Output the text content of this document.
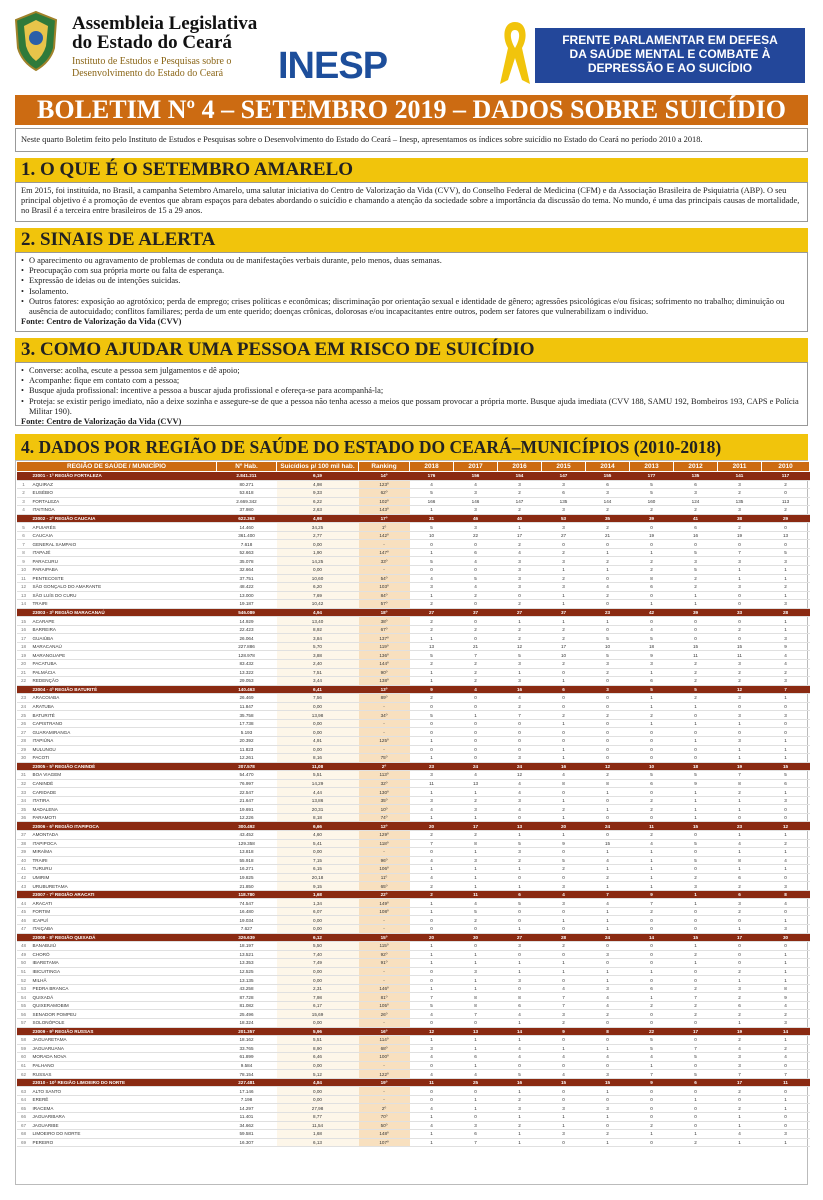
Assembleia Legislativa
do Estado do Ceará
Instituto de Estudos e Pesquisas sobre o
Desenvolvimento do Estado do Ceará INESP
FRENTE PARLAMENTAR EM DEFESA
DA SAÚDE MENTAL E COMBATE À
DEPRESSÃO E AO SUICÍDIO
BOLETIM Nº 4 – SETEMBRO 2019 – DADOS SOBRE SUICÍDIO
Neste quarto Boletim feito pelo Instituto de Estudos e Pesquisas sobre o Desenvolvimento do Estado do Ceará – Inesp, apresentamos os índices sobre suicídio no Estado do Ceará no período 2010 a 2018.
1. O QUE É O SETEMBRO AMARELO
Em 2015, foi instituída, no Brasil, a campanha Setembro Amarelo, uma salutar iniciativa do Centro de Valorização da Vida (CVV), do Conselho Federal de Medicina (CFM) e da Associação Brasileira de Psiquiatria (ABP). O seu principal objetivo é a promoção de eventos que abram espaços para debates abordando o suicídio e chamando a atenção da sociedade sobre a importância da discussão do tema. No mundo, é uma das principais causas de mortalidade, no Brasil é a terceira entre brasileiros de 15 a 29 anos.
2. SINAIS DE ALERTA
• O aparecimento ou agravamento de problemas de conduta ou de manifestações verbais durante, pelo menos, duas semanas.
• Preocupação com sua própria morte ou falta de esperança.
• Expressão de ideias ou de intenções suicidas.
• Isolamento.
• Outros fatores: exposição ao agrotóxico; perda de emprego; crises políticas e econômicas; discriminação por orientação sexual e identidade de gênero; agressões psicológicas e/ou físicas; sofrimento no trabalho; diminuição ou ausência de autocuidado; conflitos familiares; perda de um ente querido; doenças crônicas, dolorosas e/ou incapacitantes entre outros, podem ser fatores que vulnerabilizam o indivíduo.
Fonte: Centro de Valorização da Vida (CVV)
3. COMO AJUDAR UMA PESSOA EM RISCO DE SUICÍDIO
• Converse: acolha, escute a pessoa sem julgamentos e dê apoio;
• Acompanhe: fique em contato com a pessoa;
• Busque ajuda profissional: incentive a pessoa a buscar ajuda profissional e ofereça-se para acompanhá-la;
• Proteja: se existir perigo imediato, não a deixe sozinha e assegure-se de que a pessoa não tenha acesso a meios que possam provocar a própria morte. Busque ajuda imediata (CVV 188, SAMU 192, Bombeiros 193, CAPS e Polícia Militar 190).
Fonte: Centro de Valorização da Vida (CVV)
4. DADOS POR REGIÃO DE SAÚDE DO ESTADO DO CEARÁ–MUNICÍPIOS (2010-2018)
REGIÃO DE SAÚDE / MUNICÍPIO		Nº Hab.	Suicídios p/ 100 mil hab.	Ranking	2018	2017	2016	2015	2014	2013	2012	2011	2010
	23001 - 1ª REGIÃO FORTALEZA	2.841.211	6,19	14º	176	156	154	147	155	177	135	141	117
1	AQUIRAZ	80.271	4,98	123º	4	4	3	3	6	5	6	3	2
2	EUSÉBIO	53.618	9,33	62º	5	3	2	6	3	5	3	2	0
3	FORTALEZA	2.669.342	6,22	102º	166	146	147	135	144	160	124	135	113
4	ITAITINGA	37.980	2,63	143º	1	3	2	3	2	2	2	3	2
	23002 - 2ª REGIÃO CAUCAIA	622.363	4,98	17º	31	46	40	53	35	39	41	38	29
5	APUIARÉS	14.460	34,25	1º	5	3	1	3	2	0	6	2	0
6	CAUCAIA	361.400	2,77	142º	10	22	17	27	21	19	16	19	13
7	GENERAL SAMPAIO	7.618	0,00	-	0	0	2	0	0	0	0	0	0
8	ITAPAJÉ	52.663	1,90	147º	1	6	4	2	1	1	5	7	5
9	PARACURU	35.078	14,25	33º	5	4	3	3	2	2	3	3	3
10	PARAIPABA	32.664	0,00	-	0	0	3	1	1	2	5	1	1
11	PENTECOSTE	37.751	10,60	54º	4	5	3	2	0	8	2	1	1
12	SÃO GONÇALO DO AMARANTE	48.422	6,20	103º	3	4	3	3	4	6	2	3	2
13	SÃO LUÍS DO CURU	13.000	7,69	84º	1	2	0	1	2	0	1	0	1
14	TRAIRI	19.187	10,42	57º	2	0	2	1	0	1	1	0	3
	23003 - 3ª REGIÃO MARACANAÚ	546.089	4,94	18º	27	37	27	37	23	42	39	33	28
15	ACARAPE	14.929	13,40	38º	2	0	1	1	1	0	0	0	1
16	BARREIRA	22.423	8,92	67º	2	2	2	2	0	4	0	2	1
17	GUAIÚBA	26.064	3,84	137º	1	0	2	2	5	5	0	0	3
18	MARACANAÚ	227.886	5,70	119º	13	21	12	17	10	18	15	15	9
19	MARANGUAPE	128.978	3,88	136º	5	7	5	10	5	9	11	11	4
20	PACATUBA	83.432	2,40	144º	2	2	3	2	3	3	2	3	4
21	PALMÁCIA	13.322	7,51	90º	1	2	1	0	2	1	2	2	2
22	REDENÇÃO	29.053	3,44	138º	1	2	3	1	0	6	2	2	3
	23004 - 4ª REGIÃO BATURITÉ	140.463	6,41	13º	9	4	16	6	3	5	5	12	7
23	ARACOIABA	26.469	7,56	89º	2	0	4	0	0	1	2	3	1
24	ARATUBA	11.847	0,00	-	0	0	2	0	0	1	1	0	0
25	BATURITÉ	35.758	13,98	34º	5	1	7	2	2	2	0	3	3
26	CAPISTRANO	17.738	0,00	-	0	0	0	1	0	1	1	1	0
27	GUARAMIRANGA	5.193	0,00	-	0	0	0	0	0	0	0	0	0
28	ITAPIÚNA	20.392	4,91	125º	1	0	0	0	0	0	1	3	1
29	MULUNGU	11.823	0,00	-	0	0	0	1	0	0	0	1	1
30	PACOTI	12.261	8,16	75º	1	0	3	1	0	0	0	1	1
	23005 - 5ª REGIÃO CANINDÉ	207.578	11,08	2º	23	24	24	16	12	10	18	19	15
31	BOA VIAGEM	54.470	5,51	113º	3	4	12	4	2	5	5	7	5
32	CANINDÉ	76.997	14,29	32º	11	13	4	8	8	6	9	8	6
33	CARIDADE	22.547	4,44	130º	1	1	4	0	1	0	1	2	1
34	ITATIRA	21.647	13,86	35º	3	2	3	1	0	2	1	1	3
35	MADALENA	19.691	20,31	10º	4	3	4	2	1	2	1	1	0
36	PARAMOTI	12.226	8,18	74º	1	1	0	1	0	0	1	0	0
	23006 - 6ª REGIÃO ITAPIPOCA	300.492	6,66	12º	20	17	13	20	24	11	15	23	12
37	AMONTADA	43.452	4,60	129º	2	2	1	1	0	2	0	1	1
38	ITAPIPOCA	129.358	5,41	118º	7	8	5	9	15	4	5	4	2
39	MIRAÍMA	13.818	0,00	-	0	1	3	0	1	1	0	1	1
40	TRAIRI	55.918	7,15	96º	4	3	2	5	4	1	5	8	4
41	TURURU	16.271	6,15	106º	1	1	1	2	1	1	0	1	1
42	UMIRIM	19.825	20,18	11º	4	1	0	0	2	1	2	6	0
43	URUBURETAMA	21.850	9,15	65º	2	1	1	3	1	1	3	2	3
	23007 - 7ª REGIÃO ARACATI	118.780	1,68	22º	2	11	6	4	7	9	1	6	8
44	ARACATI	74.547	1,34	149º	1	4	5	3	4	7	1	3	4
45	FORTIM	16.480	6,07	108º	1	5	0	0	1	2	0	2	0
46	ICAPUÍ	19.034	0,00	-	0	2	0	1	1	0	0	0	1
47	ITAIÇABA	7.627	0,00	-	0	0	1	0	1	0	0	1	3
	23008 - 8ª REGIÃO QUIXADÁ	326.639	6,12	15º	20	30	27	28	24	14	15	17	30
48	BANABUIÚ	18.197	5,50	115º	1	0	3	2	0	0	1	0	0
49	CHORÓ	13.521	7,40	92º	1	1	0	0	3	0	2	0	1
50	IBARETAMA	13.353	7,49	91º	1	1	1	1	0	0	1	0	1
51	IBICUITINGA	12.525	0,00	-	0	3	1	1	1	1	0	2	1
52	MILHÃ	13.135	0,00	-	0	1	3	0	1	0	0	1	1
53	PEDRA BRANCA	43.258	2,31	146º	1	1	0	4	3	6	2	3	8
54	QUIXADÁ	87.728	7,98	81º	7	8	8	7	4	1	7	2	9
55	QUIXERAMOBIM	81.082	6,17	105º	5	8	6	7	4	2	2	6	4
56	SENADOR POMPEU	25.496	15,69	26º	4	7	4	3	2	0	2	2	2
57	SOLONÓPOLE	18.324	0,00	-	0	0	1	2	0	0	0	1	3
	23009 - 9ª REGIÃO RUSSAS	201.357	5,96	16º	12	13	14	9	8	22	17	19	14
58	JAGUARETAMA	18.162	5,51	114º	1	1	1	0	0	5	0	2	1
59	JAGUARUANA	33.765	8,90	68º	3	1	4	1	1	5	7	4	2
60	MORADA NOVA	61.899	6,46	100º	4	6	4	4	4	4	5	3	4
61	PALHANO	9.584	0,00	-	0	1	0	0	0	1	0	3	0
62	RUSSAS	78.154	5,12	122º	4	4	5	4	3	7	5	7	7
	23010 - 10ª REGIÃO LIMOEIRO DO NORTE	227.481	4,84	19º	11	25	16	15	15	9	6	17	11
63	ALTO SANTO	17.146	0,00	-	0	0	1	0	1	0	0	2	0
64	ERERÊ	7.198	0,00	-	0	1	2	0	0	0	1	0	1
65	IRACEMA	14.297	27,98	2º	4	1	3	3	3	0	0	2	1
66	JAGUARIBARA	11.401	8,77	70º	1	0	1	1	1	0	0	1	0
67	JAGUARIBE	34.662	11,54	50º	4	3	2	1	0	2	0	1	0
68	LIMOEIRO DO NORTE	59.581	1,68	148º	1	6	1	3	2	1	1	4	3
69	PEREIRO	16.307	6,13	107º	1	7	1	0	1	0	2	1	1
